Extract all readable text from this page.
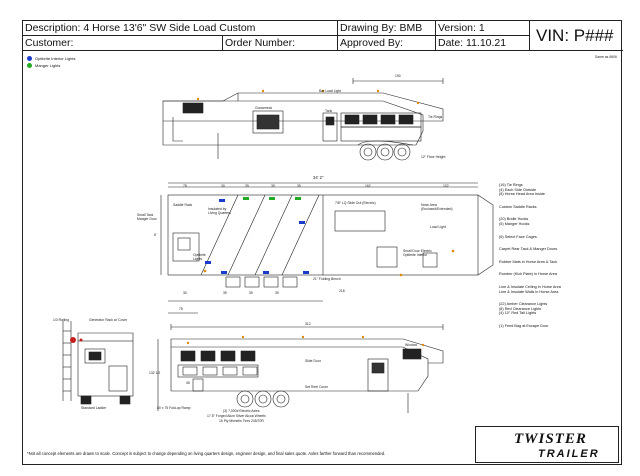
Description: 4 Horse 13'6" SW Side Load Custom	Drawing By: BMB	Version: 1
Customer:	Order Number:	Approved By:	Date: 11.10.21	VIN: P###
Optibrite Interior Lights
Manger Lights
Same as 6606
190
Bar Load Light
Tie Rings
Gooseneck
Tank
12" Floor Height
34' 2"
78	30	39	39	39	162	102
30	39	39	39	218
75
8'
7/8" LQ Slide Out (Electric)	Nose Area (Enclosed/Extended)
21" Folding Bench
Insulated by Living Quarters
Small Tack Manger Door
Load Light
Small Door Electric Optibrite Interior
Optibrite Lights
Saddle Rack
1/3 Railing	Generator Rack w/ Cover
Standard Ladder
312
132 1/2
45
Window
Slide Door
Set Reel Cover
80 x 75 Fold-up Ramp
(3) 7,000# Electric Axles
17.5" Forged Alum Silver Alcoa Wheels
16 Ply Michelin Tires 245/70R
(16) Tie Rings
(4) Each Side Outside
(8) Horse Head Area Inside
Custom Saddle Racks
(20) Bridle Hooks
(5) Manger Hooks
(6) Select Face Cages
Carpet Rear Tack & Manger Doors
Rubber Mats in Horse Area & Tack
Rumber (Kick Plate) in Horse Area
Line & Insulate Ceiling in Horse Area
Line & Insulate Walls in Horse Area
(22) Amber Clearance Lights
(8) Red Clearance Lights
(4) 10" Red Tail Lights
(1) Feed Bag at Escape Door
TWISTER
TRAILER
*Not all concept elements are drawn to scale. Concept is subject to change depending on living quarters design, engineer design, and final sales quote. Axles farther forward than recommended.
